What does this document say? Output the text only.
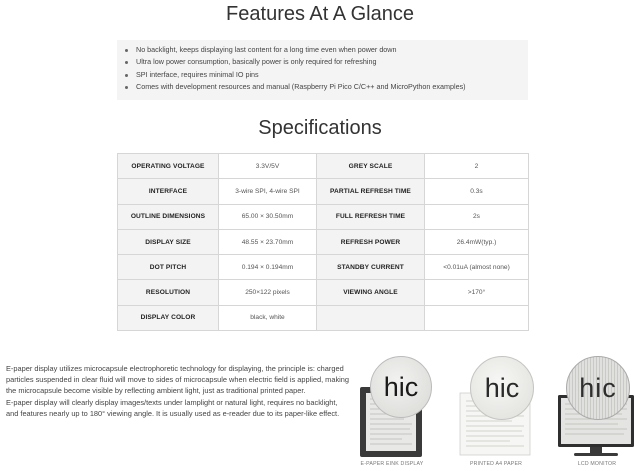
Features At A Glance
No backlight, keeps displaying last content for a long time even when power down
Ultra low power consumption, basically power is only required for refreshing
SPI interface, requires minimal IO pins
Comes with development resources and manual (Raspberry Pi Pico C/C++ and MicroPython examples)
Specifications
OPERATING VOLTAGE	3.3V/5V	GREY SCALE	2
INTERFACE	3-wire SPI, 4-wire SPI	PARTIAL REFRESH TIME	0.3s
OUTLINE DIMENSIONS	65.00 × 30.50mm	FULL REFRESH TIME	2s
DISPLAY SIZE	48.55 × 23.70mm	REFRESH POWER	26.4mW(typ.)
DOT PITCH	0.194 × 0.194mm	STANDBY CURRENT	<0.01uA (almost none)
RESOLUTION	250×122 pixels	VIEWING ANGLE	>170°
DISPLAY COLOR	black, white		

E-paper display utilizes microcapsule electrophoretic technology for displaying, the principle is: charged particles suspended in clear fluid will move to sides of microcapsule when electric field is applied, making the microcapsule become visible by reflecting ambient light, just as traditional printed paper.

E-paper display will clearly display images/texts under lamplight or natural light, requires no backlight, and features nearly up to 180° viewing angle. It is usually used as e-reader due to its paper-like effect.

hic
E-PAPER EINK DISPLAY
hic
PRINTED A4 PAPER
hic
LCD MONITOR
